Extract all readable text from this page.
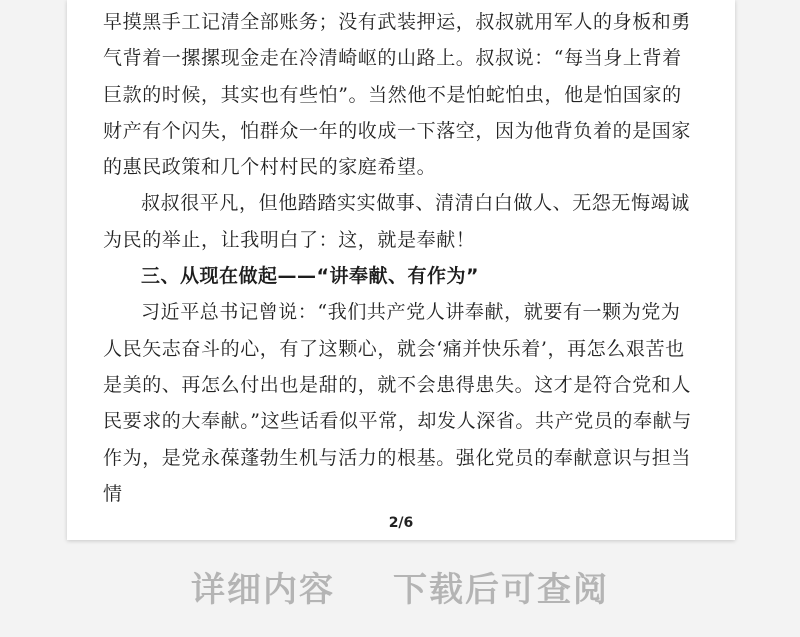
早摸黑手工记清全部账务；没有武装押运，叔叔就用军人的身板和勇气背着一摞摞现金走在冷清崎岖的山路上。叔叔说：“每当身上背着巨款的时候，其实也有些怕”。当然他不是怕蛇怕虫，他是怕国家的财产有个闪失，怕群众一年的收成一下落空，因为他背负着的是国家的惠民政策和几个村村民的家庭希望。

叔叔很平凡，但他踏踏实实做事、清清白白做人、无怨无悔竭诚为民的举止，让我明白了：这，就是奉献！

三、从现在做起——“讲奉献、有作为”

习近平总书记曾说：“我们共产党人讲奉献，就要有一颗为党为人民矢志奋斗的心，有了这颗心，就会‘痛并快乐着’，再怎么艰苦也是美的、再怎么付出也是甜的，就不会患得患失。这才是符合党和人民要求的大奉献。”这些话看似平常，却发人深省。共产党员的奉献与作为，是党永葆蓬勃生机与活力的根基。强化党员的奉献意识与担当情

2/6
详细内容 下载后可查阅
